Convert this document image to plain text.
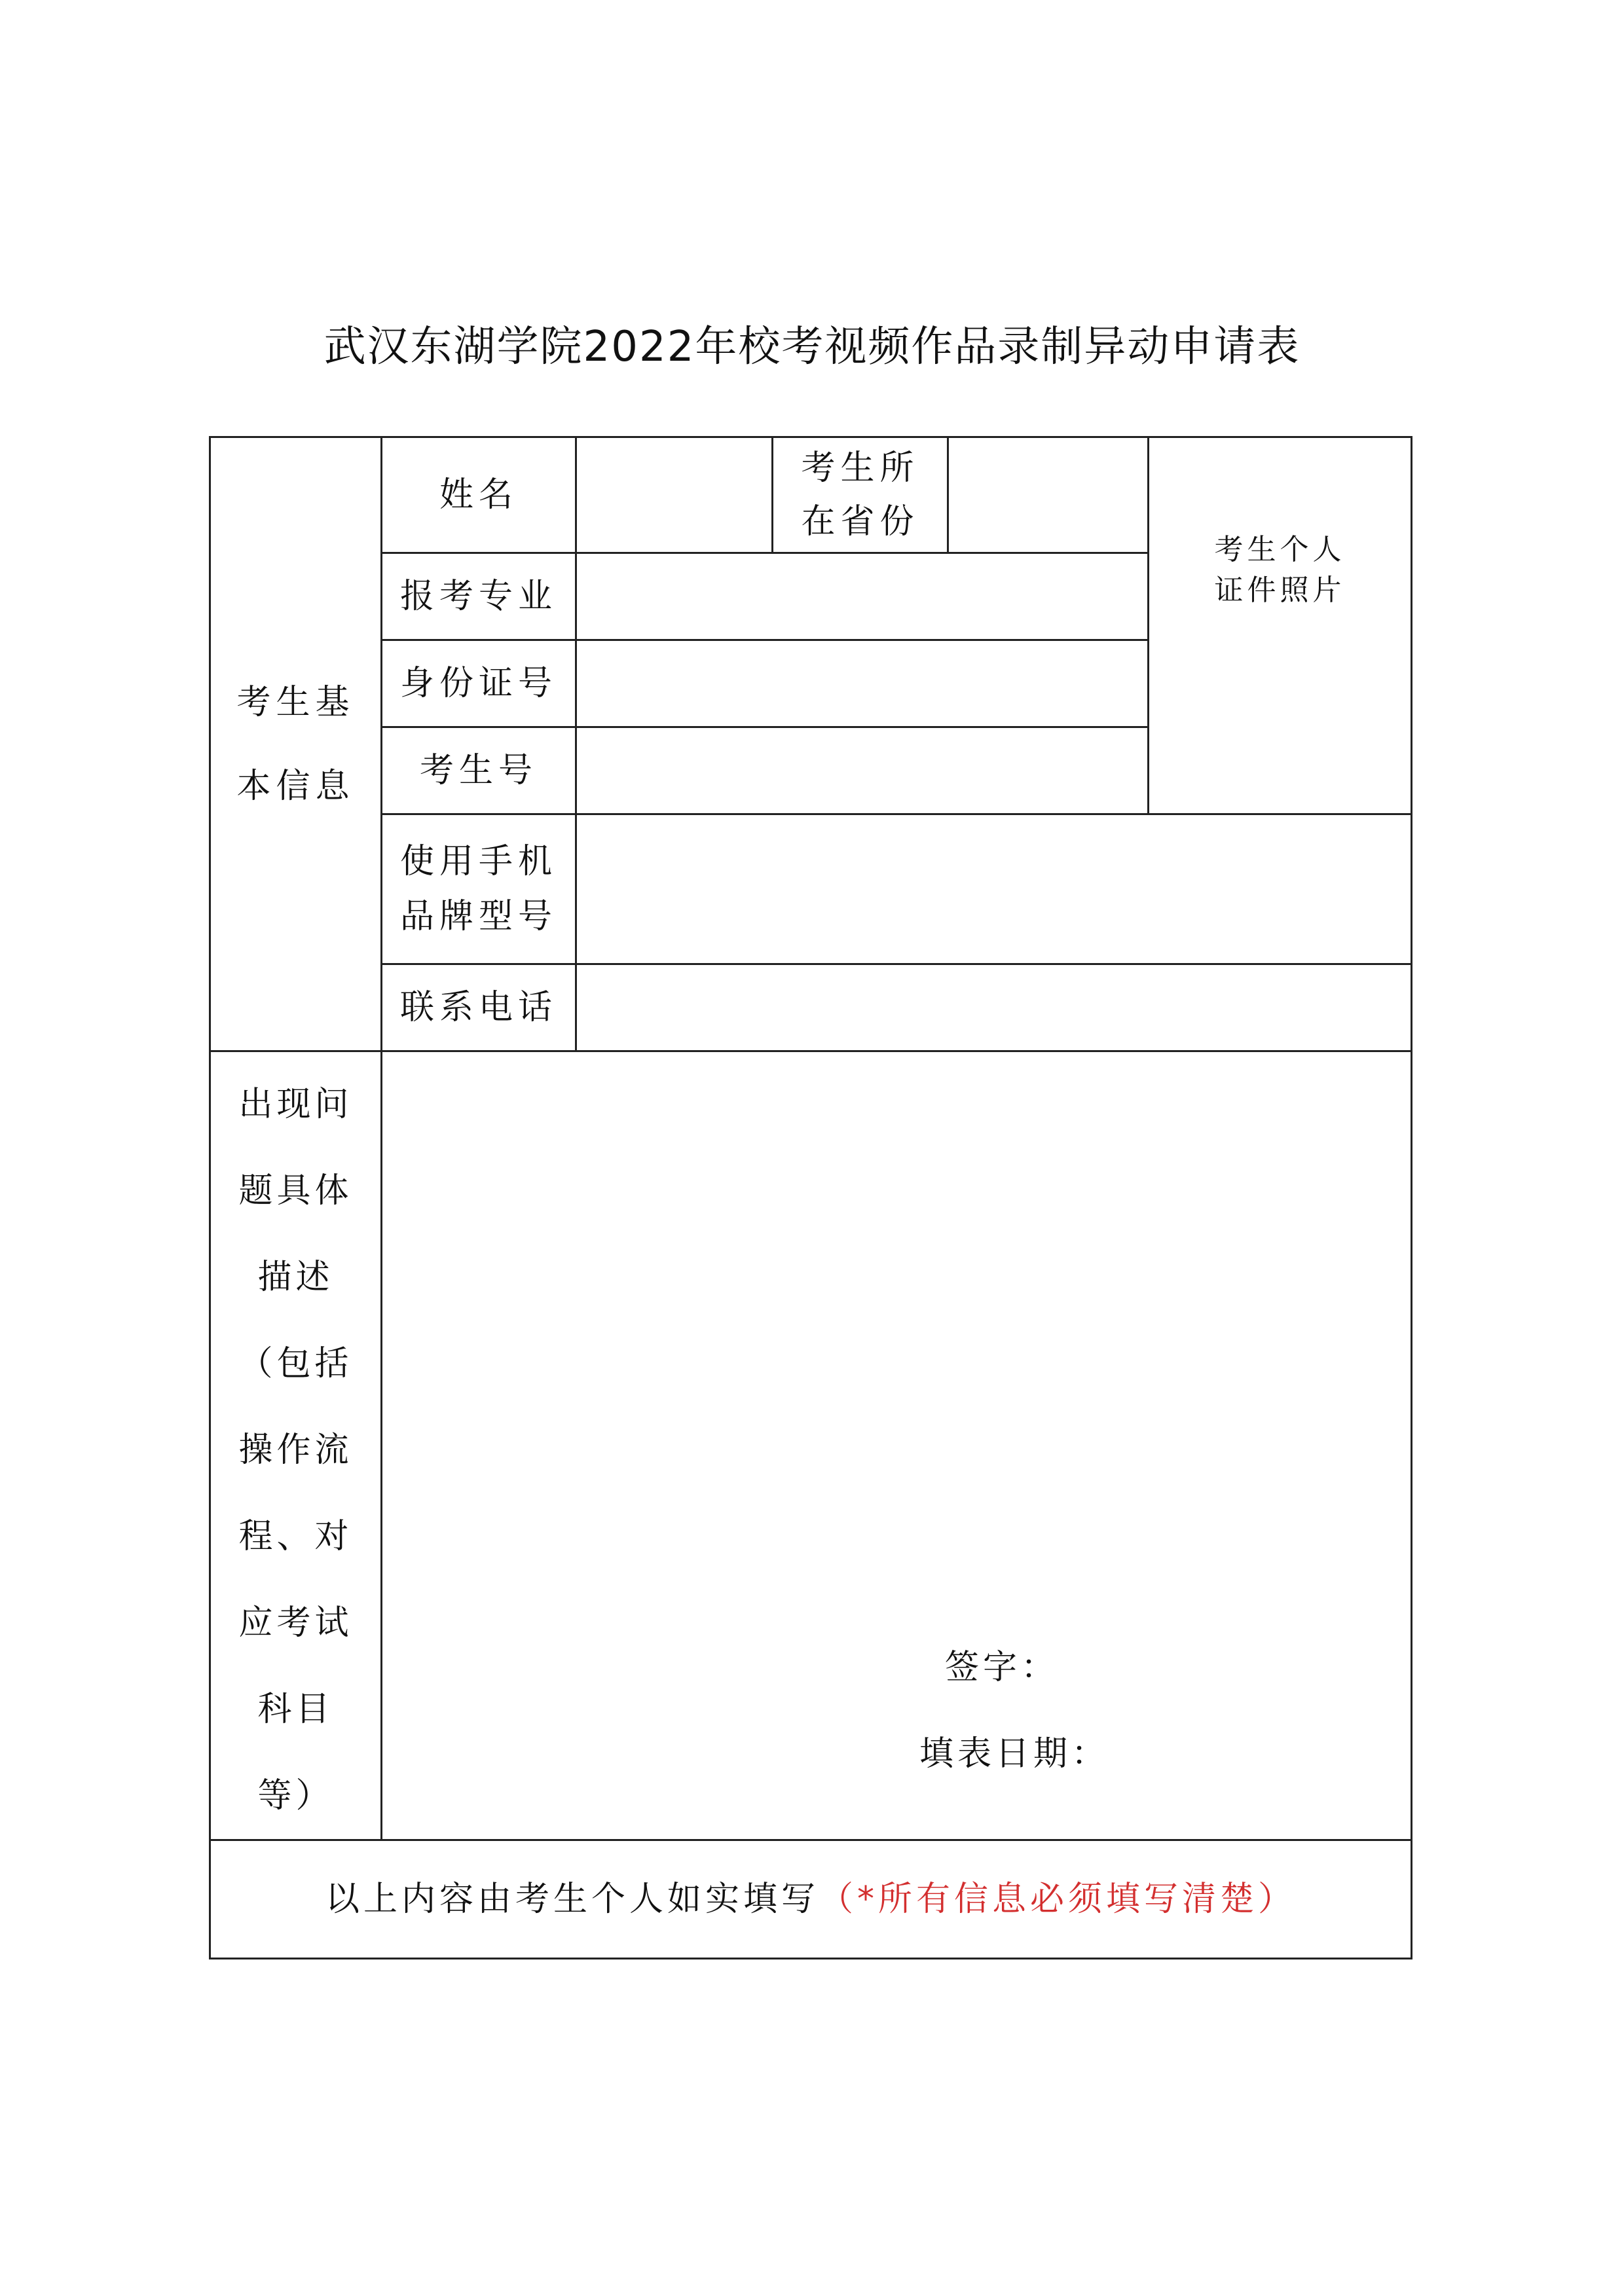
武汉东湖学院2022年校考视频作品录制异动申请表
考生基本信息	姓名		考生所在省份		考生个人证件照片

	报考专业				
	身份证号				
	考生号				

	使用手机品牌型号				

	联系电话				

出现问题具体描述（包括操作流程、对应考试科目等）	签字：
填表日期：				

以上内容由考生个人如实填写（*所有信息必须填写清楚）					
